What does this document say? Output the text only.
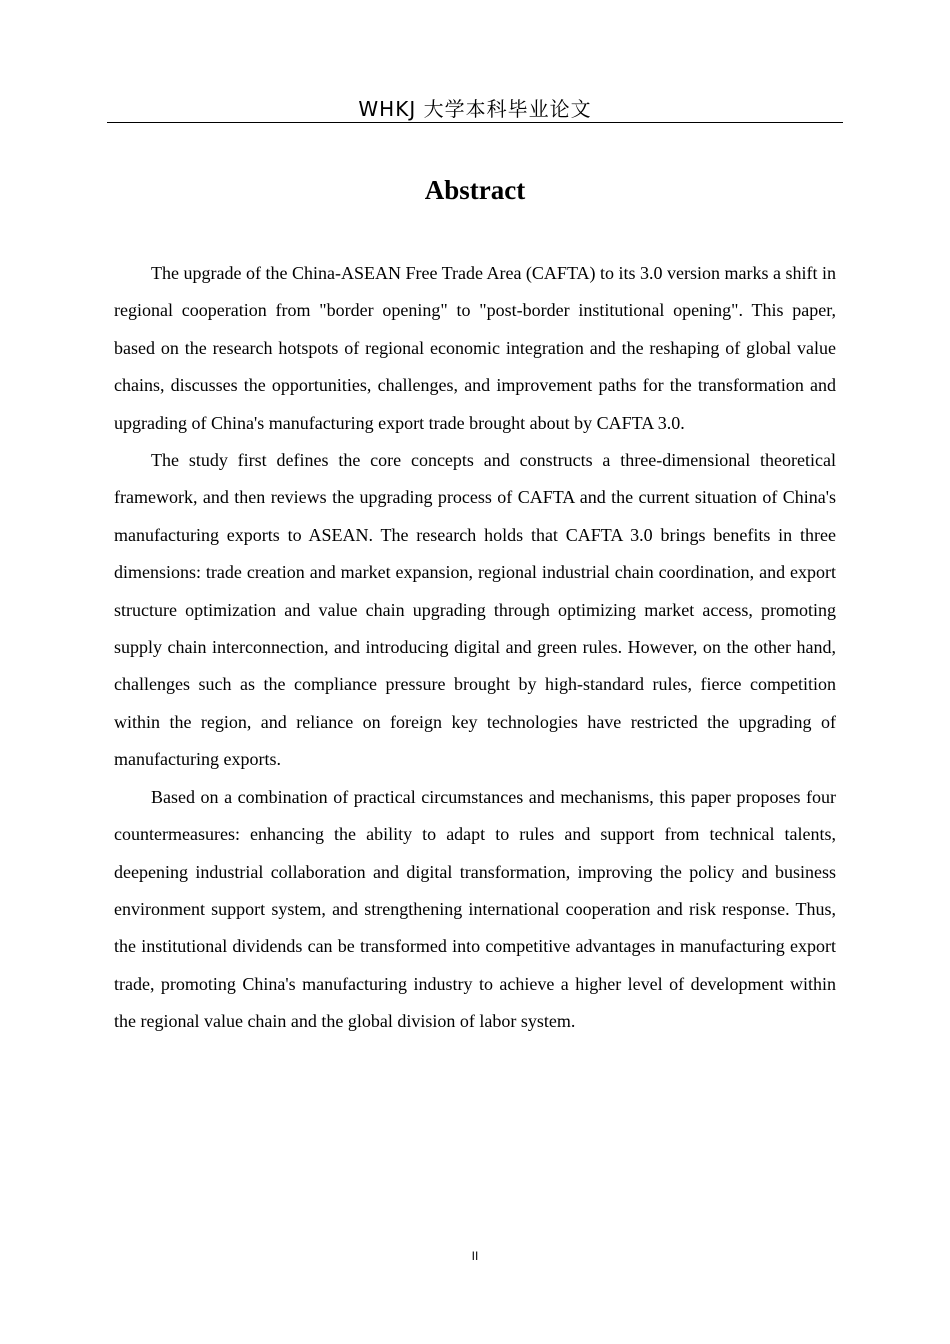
WHKJ 大学本科毕业论文
Abstract

The upgrade of the China-ASEAN Free Trade Area (CAFTA) to its 3.0 version marks a shift in regional cooperation from "border opening" to "post-border institutional opening". This paper, based on the research hotspots of regional economic integration and the reshaping of global value chains, discusses the opportunities, challenges, and improvement paths for the transformation and upgrading of China's manufacturing export trade brought about by CAFTA 3.0.

The study first defines the core concepts and constructs a three-dimensional theoretical framework, and then reviews the upgrading process of CAFTA and the current situation of China's manufacturing exports to ASEAN. The research holds that CAFTA 3.0 brings benefits in three dimensions: trade creation and market expansion, regional industrial chain coordination, and export structure optimization and value chain upgrading through optimizing market access, promoting supply chain interconnection, and introducing digital and green rules. However, on the other hand, challenges such as the compliance pressure brought by high-standard rules, fierce competition within the region, and reliance on foreign key technologies have restricted the upgrading of manufacturing exports.

Based on a combination of practical circumstances and mechanisms, this paper proposes four countermeasures: enhancing the ability to adapt to rules and support from technical talents, deepening industrial collaboration and digital transformation, improving the policy and business environment support system, and strengthening international cooperation and risk response. Thus, the institutional dividends can be transformed into competitive advantages in manufacturing export trade, promoting China's manufacturing industry to achieve a higher level of development within the regional value chain and the global division of labor system.

II
